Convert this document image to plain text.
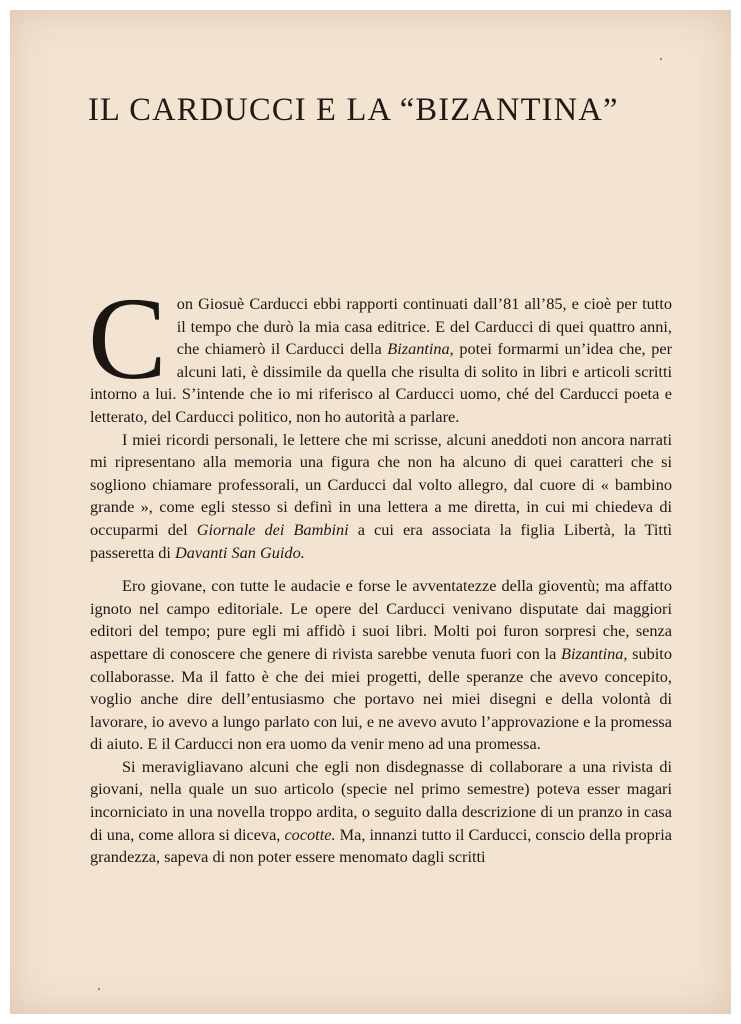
IL CARDUCCI E LA “BIZANTINA”

Con Giosuè Carducci ebbi rapporti continuati dall’81 all’85, e cioè per tutto il tempo che durò la mia casa editrice. E del Carducci di quei quattro anni, che chiamerò il Carducci della Bizantina, potei formarmi un’idea che, per alcuni lati, è dissimile da quella che risulta di solito in libri e articoli scritti intorno a lui. S’intende che io mi riferisco al Carducci uomo, ché del Carducci poeta e letterato, del Carducci politico, non ho autorità a parlare.

I miei ricordi personali, le lettere che mi scrisse, alcuni aneddoti non ancora narrati mi ripresentano alla memoria una figura che non ha alcuno di quei caratteri che si sogliono chiamare professorali, un Carducci dal volto allegro, dal cuore di « bambino grande », come egli stesso si definì in una lettera a me diretta, in cui mi chiedeva di occuparmi del Giornale dei Bambini a cui era associata la figlia Libertà, la Tittì passeretta di Davanti San Guido.

Ero giovane, con tutte le audacie e forse le avventatezze della gioventù; ma affatto ignoto nel campo editoriale. Le opere del Carducci venivano disputate dai maggiori editori del tempo; pure egli mi affidò i suoi libri. Molti poi furon sorpresi che, senza aspettare di conoscere che genere di rivista sarebbe venuta fuori con la Bizantina, subito collaborasse. Ma il fatto è che dei miei progetti, delle speranze che avevo concepito, voglio anche dire dell’entusiasmo che portavo nei miei disegni e della volontà di lavorare, io avevo a lungo parlato con lui, e ne avevo avuto l’approvazione e la promessa di aiuto. E il Carducci non era uomo da venir meno ad una promessa.

Si meravigliavano alcuni che egli non disdegnasse di collaborare a una rivista di giovani, nella quale un suo articolo (specie nel primo semestre) poteva esser magari incorniciato in una novella troppo ardita, o seguito dalla descrizione di un pranzo in casa di una, come allora si diceva, cocotte. Ma, innanzi tutto il Carducci, conscio della propria grandezza, sapeva di non poter essere menomato dagli scritti
